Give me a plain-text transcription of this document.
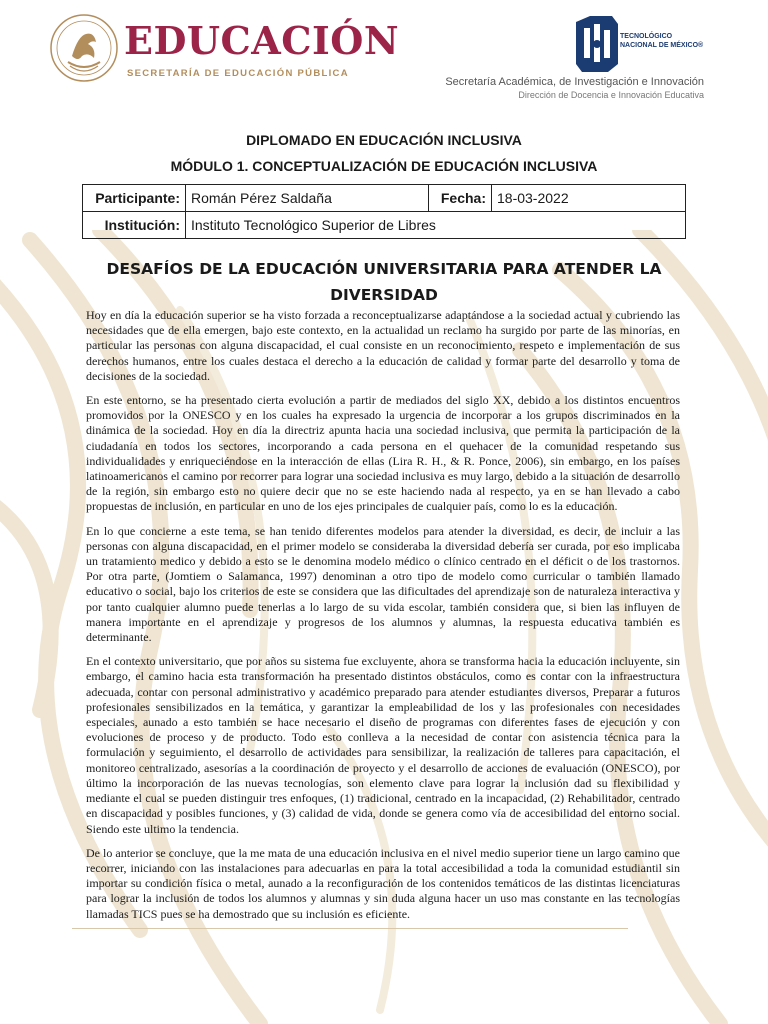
EDUCACIÓN
SECRETARÍA DE EDUCACIÓN PÚBLICA
TECNOLÓGICO
NACIONAL DE MÉXICO®
Secretaría Académica, de Investigación e Innovación
Dirección de Docencia e Innovación Educativa
DIPLOMADO EN EDUCACIÓN INCLUSIVA
MÓDULO 1. CONCEPTUALIZACIÓN DE EDUCACIÓN INCLUSIVA
Participante:	Román Pérez Saldaña	Fecha:	18-03-2022
Institución:	Instituto Tecnológico Superior de Libres		
DESAFÍOS DE LA EDUCACIÓN UNIVERSITARIA PARA ATENDER LA DIVERSIDAD

Hoy en día la educación superior se ha visto forzada a reconceptualizarse adaptándose a la sociedad actual y cubriendo las necesidades que de ella emergen, bajo este contexto, en la actualidad un reclamo ha surgido por parte de las minorías, en particular las personas con alguna discapacidad, el cual consiste en un reconocimiento, respeto e implementación de sus derechos humanos, entre los cuales destaca el derecho a la educación de calidad y formar parte del desarrollo y toma de decisiones de la sociedad.

En este entorno, se ha presentado cierta evolución a partir de mediados del siglo XX, debido a los distintos encuentros promovidos por la ONESCO y en los cuales ha expresado la urgencia de incorporar a los grupos discriminados en la dinámica de la sociedad. Hoy en día la directriz apunta hacia una sociedad inclusiva, que permita la participación de la ciudadanía en todos los sectores, incorporando a cada persona en el quehacer de la comunidad respetando sus individualidades y enriqueciéndose en la interacción de ellas (Lira R. H., & R. Ponce, 2006), sin embargo, en los países latinoamericanos el camino por recorrer para lograr una sociedad inclusiva es muy largo, debido a la situación de desarrollo de la región, sin embargo esto no quiere decir que no se este haciendo nada al respecto, ya en se han llevado a cabo propuestas de inclusión, en particular en uno de los ejes principales de cualquier país, como lo es la educación.

En lo que concierne a este tema, se han tenido diferentes modelos para atender la diversidad, es decir, de incluir a las personas con alguna discapacidad, en el primer modelo se consideraba la diversidad debería ser curada, por eso implicaba un tratamiento medico y debido a esto se le denomina modelo médico o clínico centrado en el déficit o de los trastornos. Por otra parte, (Jomtiem o Salamanca, 1997) denominan a otro tipo de modelo como curricular o también llamado educativo o social, bajo los criterios de este se considera que las dificultades del aprendizaje son de naturaleza interactiva y por tanto cualquier alumno puede tenerlas a lo largo de su vida escolar, también considera que, si bien las influyen de manera importante en el aprendizaje y progresos de los alumnos y alumnas, la respuesta educativa también es determinante.

En el contexto universitario, que por años su sistema fue excluyente, ahora se transforma hacia la educación incluyente, sin embargo, el camino hacia esta transformación ha presentado distintos obstáculos, como es contar con la infraestructura adecuada, contar con personal administrativo y académico preparado para atender estudiantes diversos, Preparar a futuros profesionales sensibilizados en la temática, y garantizar la empleabilidad de los y las profesionales con necesidades especiales, aunado a esto también se hace necesario el diseño de programas con diferentes fases de ejecución y con evoluciones de proceso y de producto. Todo esto conlleva a la necesidad de contar con asistencia técnica para la formulación y seguimiento, el desarrollo de actividades para sensibilizar, la realización de talleres para capacitación, el monitoreo centralizado, asesorías a la coordinación de proyecto y el desarrollo de acciones de evaluación (ONESCO), por último la incorporación de las nuevas tecnologías, son elemento clave para lograr la inclusión dad su flexibilidad y mediante el cual se pueden distinguir tres enfoques, (1) tradicional, centrado en la incapacidad, (2) Rehabilitador, centrado en discapacidad y posibles funciones, y (3) calidad de vida, donde se genera como vía de accesibilidad del entorno social. Siendo este ultimo la tendencia.

De lo anterior se concluye, que la me mata de una educación inclusiva en el nivel medio superior tiene un largo camino que recorrer, iniciando con las instalaciones para adecuarlas en para la total accesibilidad a toda la comunidad estudiantil sin importar su condición física o metal, aunado a la reconfiguración de los contenidos temáticos de las distintas licenciaturas para lograr la inclusión de todos los alumnos y alumnas y sin duda alguna hacer un uso mas constante en las tecnologías llamadas TICS pues se ha demostrado que su inclusión es eficiente.
